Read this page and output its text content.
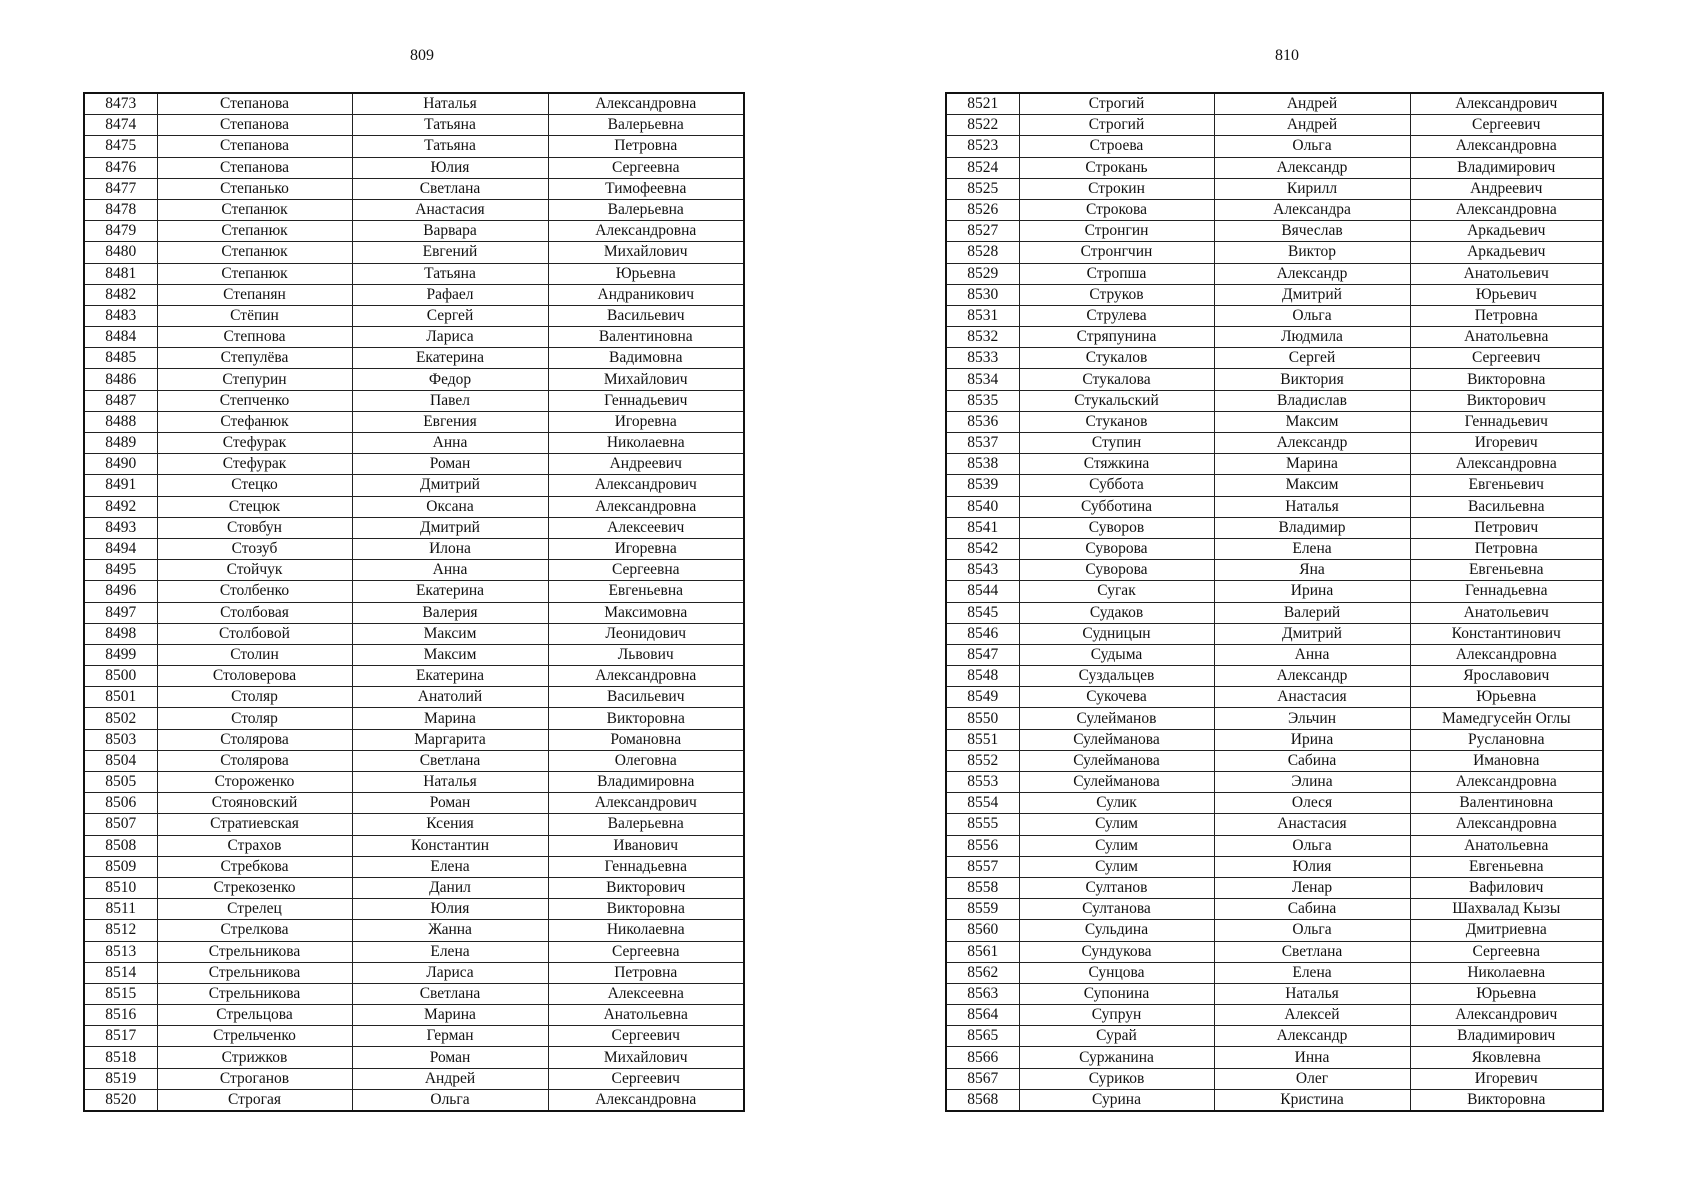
809	810
8473	Степанова	Наталья	Александровна
8474	Степанова	Татьяна	Валерьевна
8475	Степанова	Татьяна	Петровна
8476	Степанова	Юлия	Сергеевна
8477	Степанько	Светлана	Тимофеевна
8478	Степанюк	Анастасия	Валерьевна
8479	Степанюк	Варвара	Александровна
8480	Степанюк	Евгений	Михайлович
8481	Степанюк	Татьяна	Юрьевна
8482	Степанян	Рафаел	Андраникович
8483	Стёпин	Сергей	Васильевич
8484	Степнова	Лариса	Валентиновна
8485	Степулёва	Екатерина	Вадимовна
8486	Степурин	Федор	Михайлович
8487	Степченко	Павел	Геннадьевич
8488	Стефанюк	Евгения	Игоревна
8489	Стефурак	Анна	Николаевна
8490	Стефурак	Роман	Андреевич
8491	Стецко	Дмитрий	Александрович
8492	Стецюк	Оксана	Александровна
8493	Стовбун	Дмитрий	Алексеевич
8494	Стозуб	Илона	Игоревна
8495	Стойчук	Анна	Сергеевна
8496	Столбенко	Екатерина	Евгеньевна
8497	Столбовая	Валерия	Максимовна
8498	Столбовой	Максим	Леонидович
8499	Столин	Максим	Львович
8500	Столоверова	Екатерина	Александровна
8501	Столяр	Анатолий	Васильевич
8502	Столяр	Марина	Викторовна
8503	Столярова	Маргарита	Романовна
8504	Столярова	Светлана	Олеговна
8505	Стороженко	Наталья	Владимировна
8506	Стояновский	Роман	Александрович
8507	Стратиевская	Ксения	Валерьевна
8508	Страхов	Константин	Иванович
8509	Стребкова	Елена	Геннадьевна
8510	Стрекозенко	Данил	Викторович
8511	Стрелец	Юлия	Викторовна
8512	Стрелкова	Жанна	Николаевна
8513	Стрельникова	Елена	Сергеевна
8514	Стрельникова	Лариса	Петровна
8515	Стрельникова	Светлана	Алексеевна
8516	Стрельцова	Марина	Анатольевна
8517	Стрельченко	Герман	Сергеевич
8518	Стрижков	Роман	Михайлович
8519	Строганов	Андрей	Сергеевич
8520	Строгая	Ольга	Александровна
8521	Строгий	Андрей	Александрович
8522	Строгий	Андрей	Сергеевич
8523	Строева	Ольга	Александровна
8524	Строкань	Александр	Владимирович
8525	Строкин	Кирилл	Андреевич
8526	Строкова	Александра	Александровна
8527	Стронгин	Вячеслав	Аркадьевич
8528	Стронгчин	Виктор	Аркадьевич
8529	Стропша	Александр	Анатольевич
8530	Струков	Дмитрий	Юрьевич
8531	Струлева	Ольга	Петровна
8532	Стряпунина	Людмила	Анатольевна
8533	Стукалов	Сергей	Сергеевич
8534	Стукалова	Виктория	Викторовна
8535	Стукальский	Владислав	Викторович
8536	Стуканов	Максим	Геннадьевич
8537	Ступин	Александр	Игоревич
8538	Стяжкина	Марина	Александровна
8539	Суббота	Максим	Евгеньевич
8540	Субботина	Наталья	Васильевна
8541	Суворов	Владимир	Петрович
8542	Суворова	Елена	Петровна
8543	Суворова	Яна	Евгеньевна
8544	Сугак	Ирина	Геннадьевна
8545	Судаков	Валерий	Анатольевич
8546	Судницын	Дмитрий	Константинович
8547	Судыма	Анна	Александровна
8548	Суздальцев	Александр	Ярославович
8549	Сукочева	Анастасия	Юрьевна
8550	Сулейманов	Эльчин	Мамедгусейн Оглы
8551	Сулейманова	Ирина	Руслановна
8552	Сулейманова	Сабина	Имановна
8553	Сулейманова	Элина	Александровна
8554	Сулик	Олеся	Валентиновна
8555	Сулим	Анастасия	Александровна
8556	Сулим	Ольга	Анатольевна
8557	Сулим	Юлия	Евгеньевна
8558	Султанов	Ленар	Вафилович
8559	Султанова	Сабина	Шахвалад Кызы
8560	Сульдина	Ольга	Дмитриевна
8561	Сундукова	Светлана	Сергеевна
8562	Сунцова	Елена	Николаевна
8563	Супонина	Наталья	Юрьевна
8564	Супрун	Алексей	Александрович
8565	Сурай	Александр	Владимирович
8566	Суржанина	Инна	Яковлевна
8567	Суриков	Олег	Игоревич
8568	Сурина	Кристина	Викторовна
